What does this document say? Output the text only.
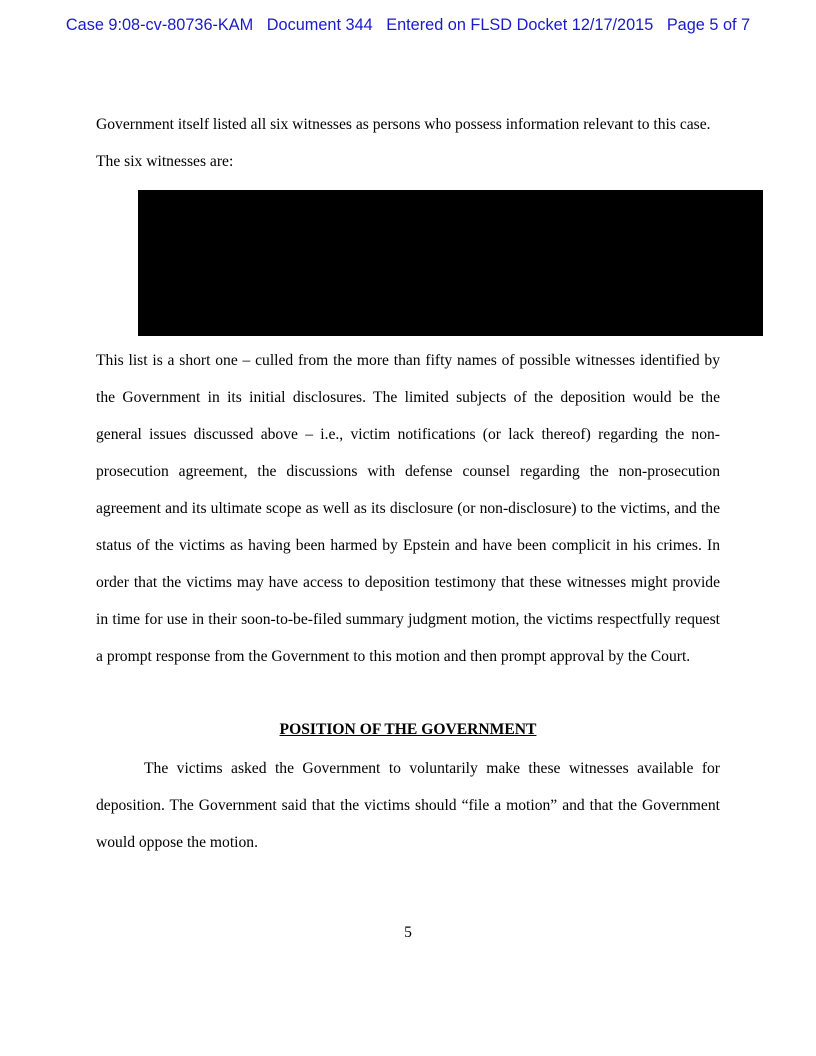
Case 9:08-cv-80736-KAM   Document 344   Entered on FLSD Docket 12/17/2015   Page 5 of 7

Government itself listed all six witnesses as persons who possess information relevant to this case. The six witnesses are:

This list is a short one – culled from the more than fifty names of possible witnesses identified by the Government in its initial disclosures. The limited subjects of the deposition would be the general issues discussed above – i.e., victim notifications (or lack thereof) regarding the non-prosecution agreement, the discussions with defense counsel regarding the non-prosecution agreement and its ultimate scope as well as its disclosure (or non-disclosure) to the victims, and the status of the victims as having been harmed by Epstein and have been complicit in his crimes. In order that the victims may have access to deposition testimony that these witnesses might provide in time for use in their soon-to-be-filed summary judgment motion, the victims respectfully request a prompt response from the Government to this motion and then prompt approval by the Court.

POSITION OF THE GOVERNMENT

The victims asked the Government to voluntarily make these witnesses available for deposition. The Government said that the victims should “file a motion” and that the Government would oppose the motion.

5
